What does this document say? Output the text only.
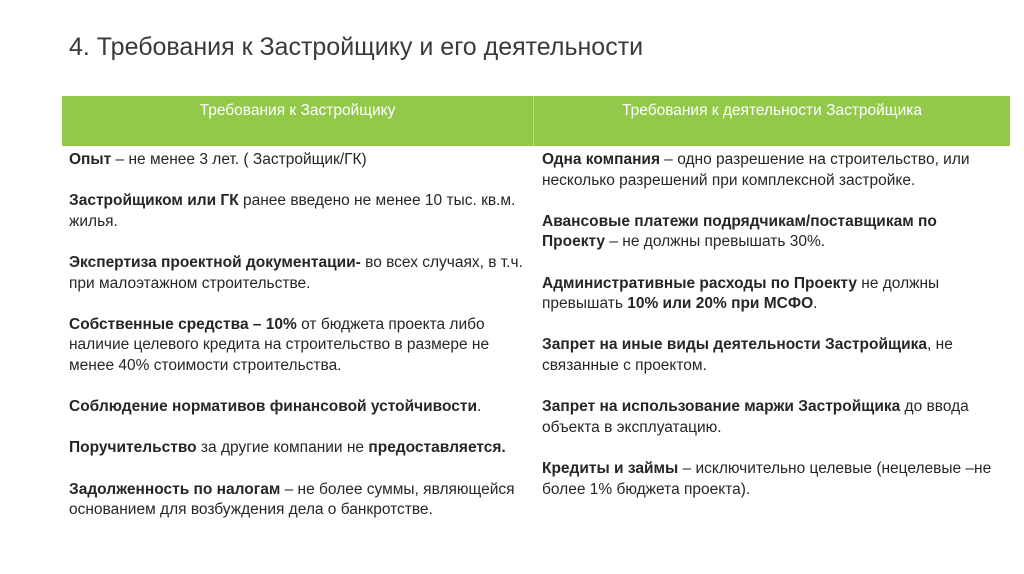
4. Требования к Застройщику и его деятельности
Требования к Застройщику	Требования к деятельности Застройщика

Опыт – не менее 3 лет. ( Застройщик/ГК)

Застройщиком или ГК ранее введено не менее 10 тыс. кв.м. жилья.

Экспертиза проектной документации- во всех случаях, в т.ч. при малоэтажном строительстве.

Собственные средства – 10% от бюджета проекта либо наличие целевого кредита на строительство в размере не менее 40% стоимости строительства.

Соблюдение нормативов финансовой устойчивости.

Поручительство за другие компании не предоставляется.

Задолженность по налогам – не более суммы, являющейся основанием для возбуждения дела о банкротстве.

Одна компания – одно разрешение на строительство, или несколько разрешений при комплексной застройке.

Авансовые платежи подрядчикам/поставщикам по Проекту – не должны превышать 30%.

Административные расходы по Проекту не должны превышать 10% или 20% при МСФО.

Запрет на иные виды деятельности Застройщика, не связанные с проектом.

Запрет на использование маржи Застройщика до ввода объекта в эксплуатацию.

Кредиты и займы – исключительно целевые (нецелевые –не более 1% бюджета проекта).
